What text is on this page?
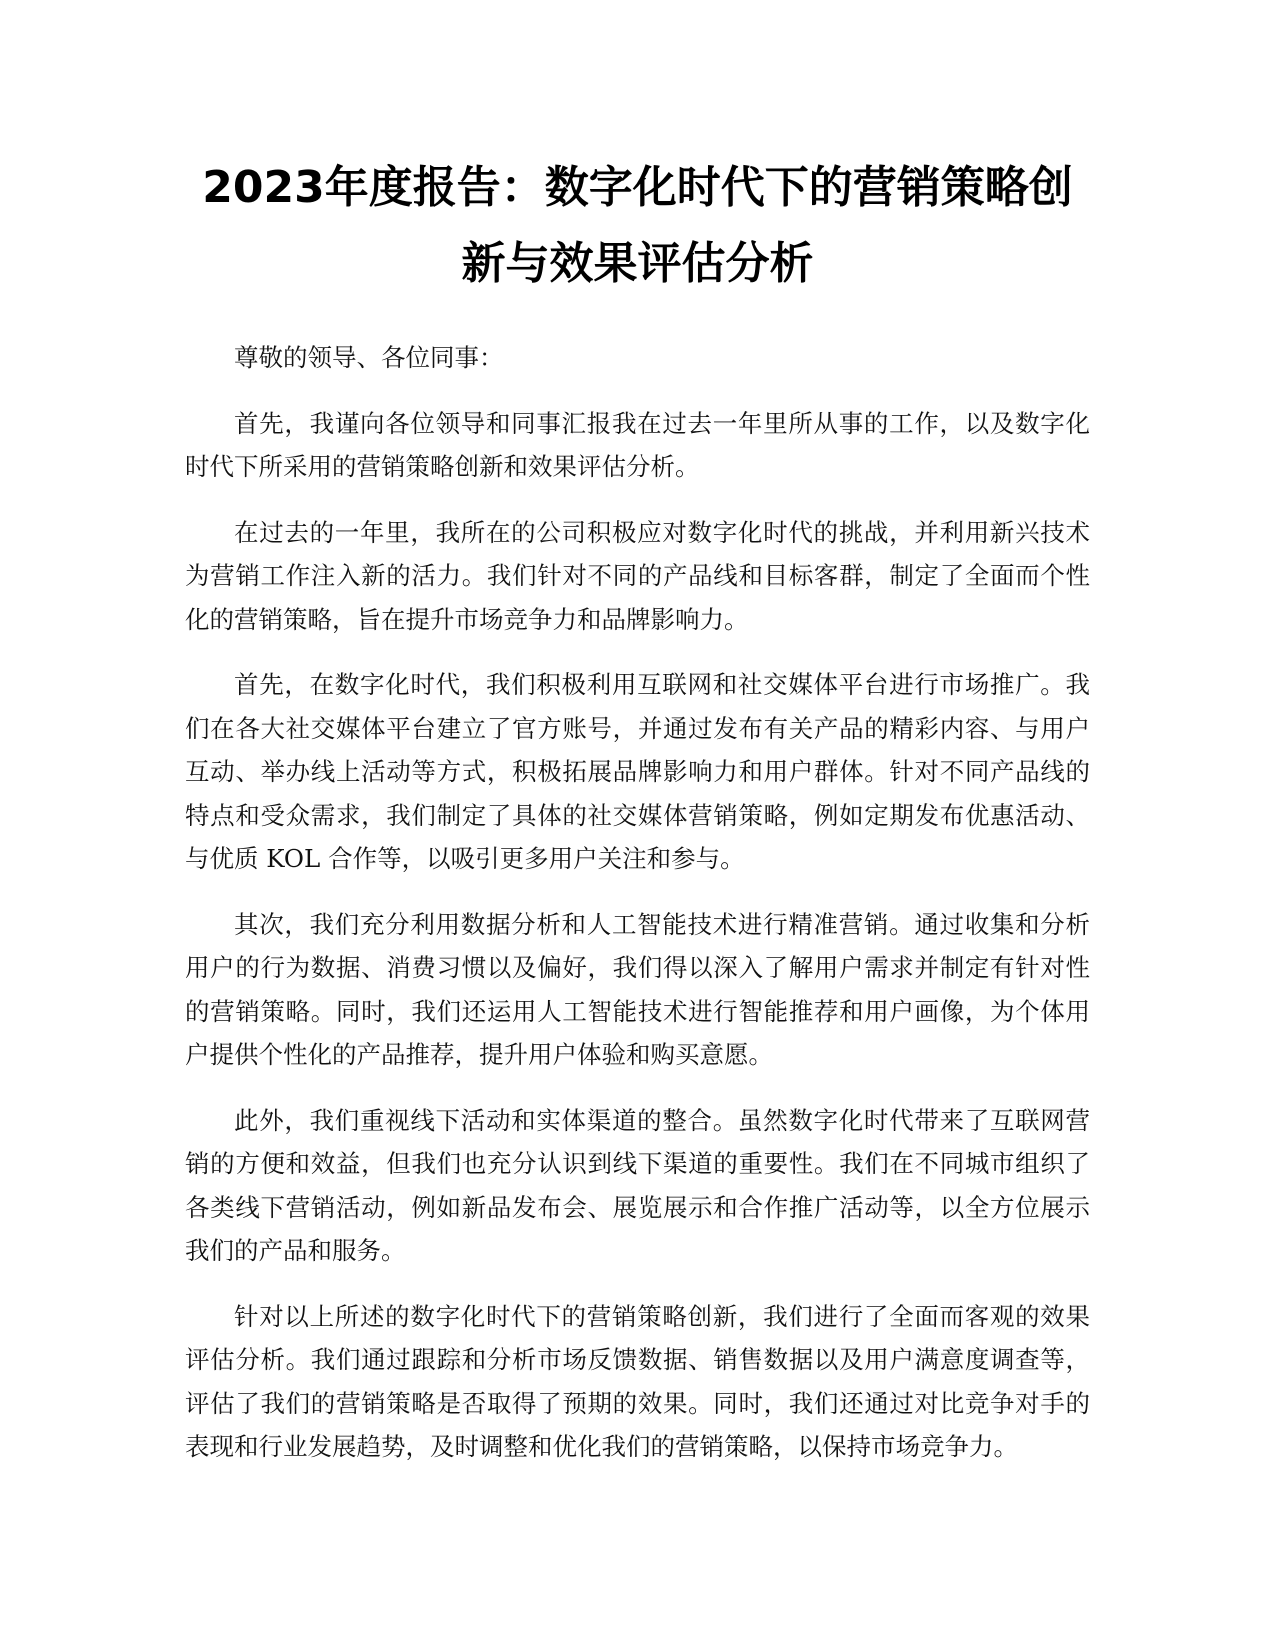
2023年度报告：数字化时代下的营销策略创新与效果评估分析

尊敬的领导、各位同事：

首先，我谨向各位领导和同事汇报我在过去一年里所从事的工作，以及数字化时代下所采用的营销策略创新和效果评估分析。

在过去的一年里，我所在的公司积极应对数字化时代的挑战，并利用新兴技术为营销工作注入新的活力。我们针对不同的产品线和目标客群，制定了全面而个性化的营销策略，旨在提升市场竞争力和品牌影响力。

首先，在数字化时代，我们积极利用互联网和社交媒体平台进行市场推广。我们在各大社交媒体平台建立了官方账号，并通过发布有关产品的精彩内容、与用户互动、举办线上活动等方式，积极拓展品牌影响力和用户群体。针对不同产品线的特点和受众需求，我们制定了具体的社交媒体营销策略，例如定期发布优惠活动、与优质 KOL 合作等，以吸引更多用户关注和参与。

其次，我们充分利用数据分析和人工智能技术进行精准营销。通过收集和分析用户的行为数据、消费习惯以及偏好，我们得以深入了解用户需求并制定有针对性的营销策略。同时，我们还运用人工智能技术进行智能推荐和用户画像，为个体用户提供个性化的产品推荐，提升用户体验和购买意愿。

此外，我们重视线下活动和实体渠道的整合。虽然数字化时代带来了互联网营销的方便和效益，但我们也充分认识到线下渠道的重要性。我们在不同城市组织了各类线下营销活动，例如新品发布会、展览展示和合作推广活动等，以全方位展示我们的产品和服务。

针对以上所述的数字化时代下的营销策略创新，我们进行了全面而客观的效果评估分析。我们通过跟踪和分析市场反馈数据、销售数据以及用户满意度调查等，评估了我们的营销策略是否取得了预期的效果。同时，我们还通过对比竞争对手的表现和行业发展趋势，及时调整和优化我们的营销策略，以保持市场竞争力。
